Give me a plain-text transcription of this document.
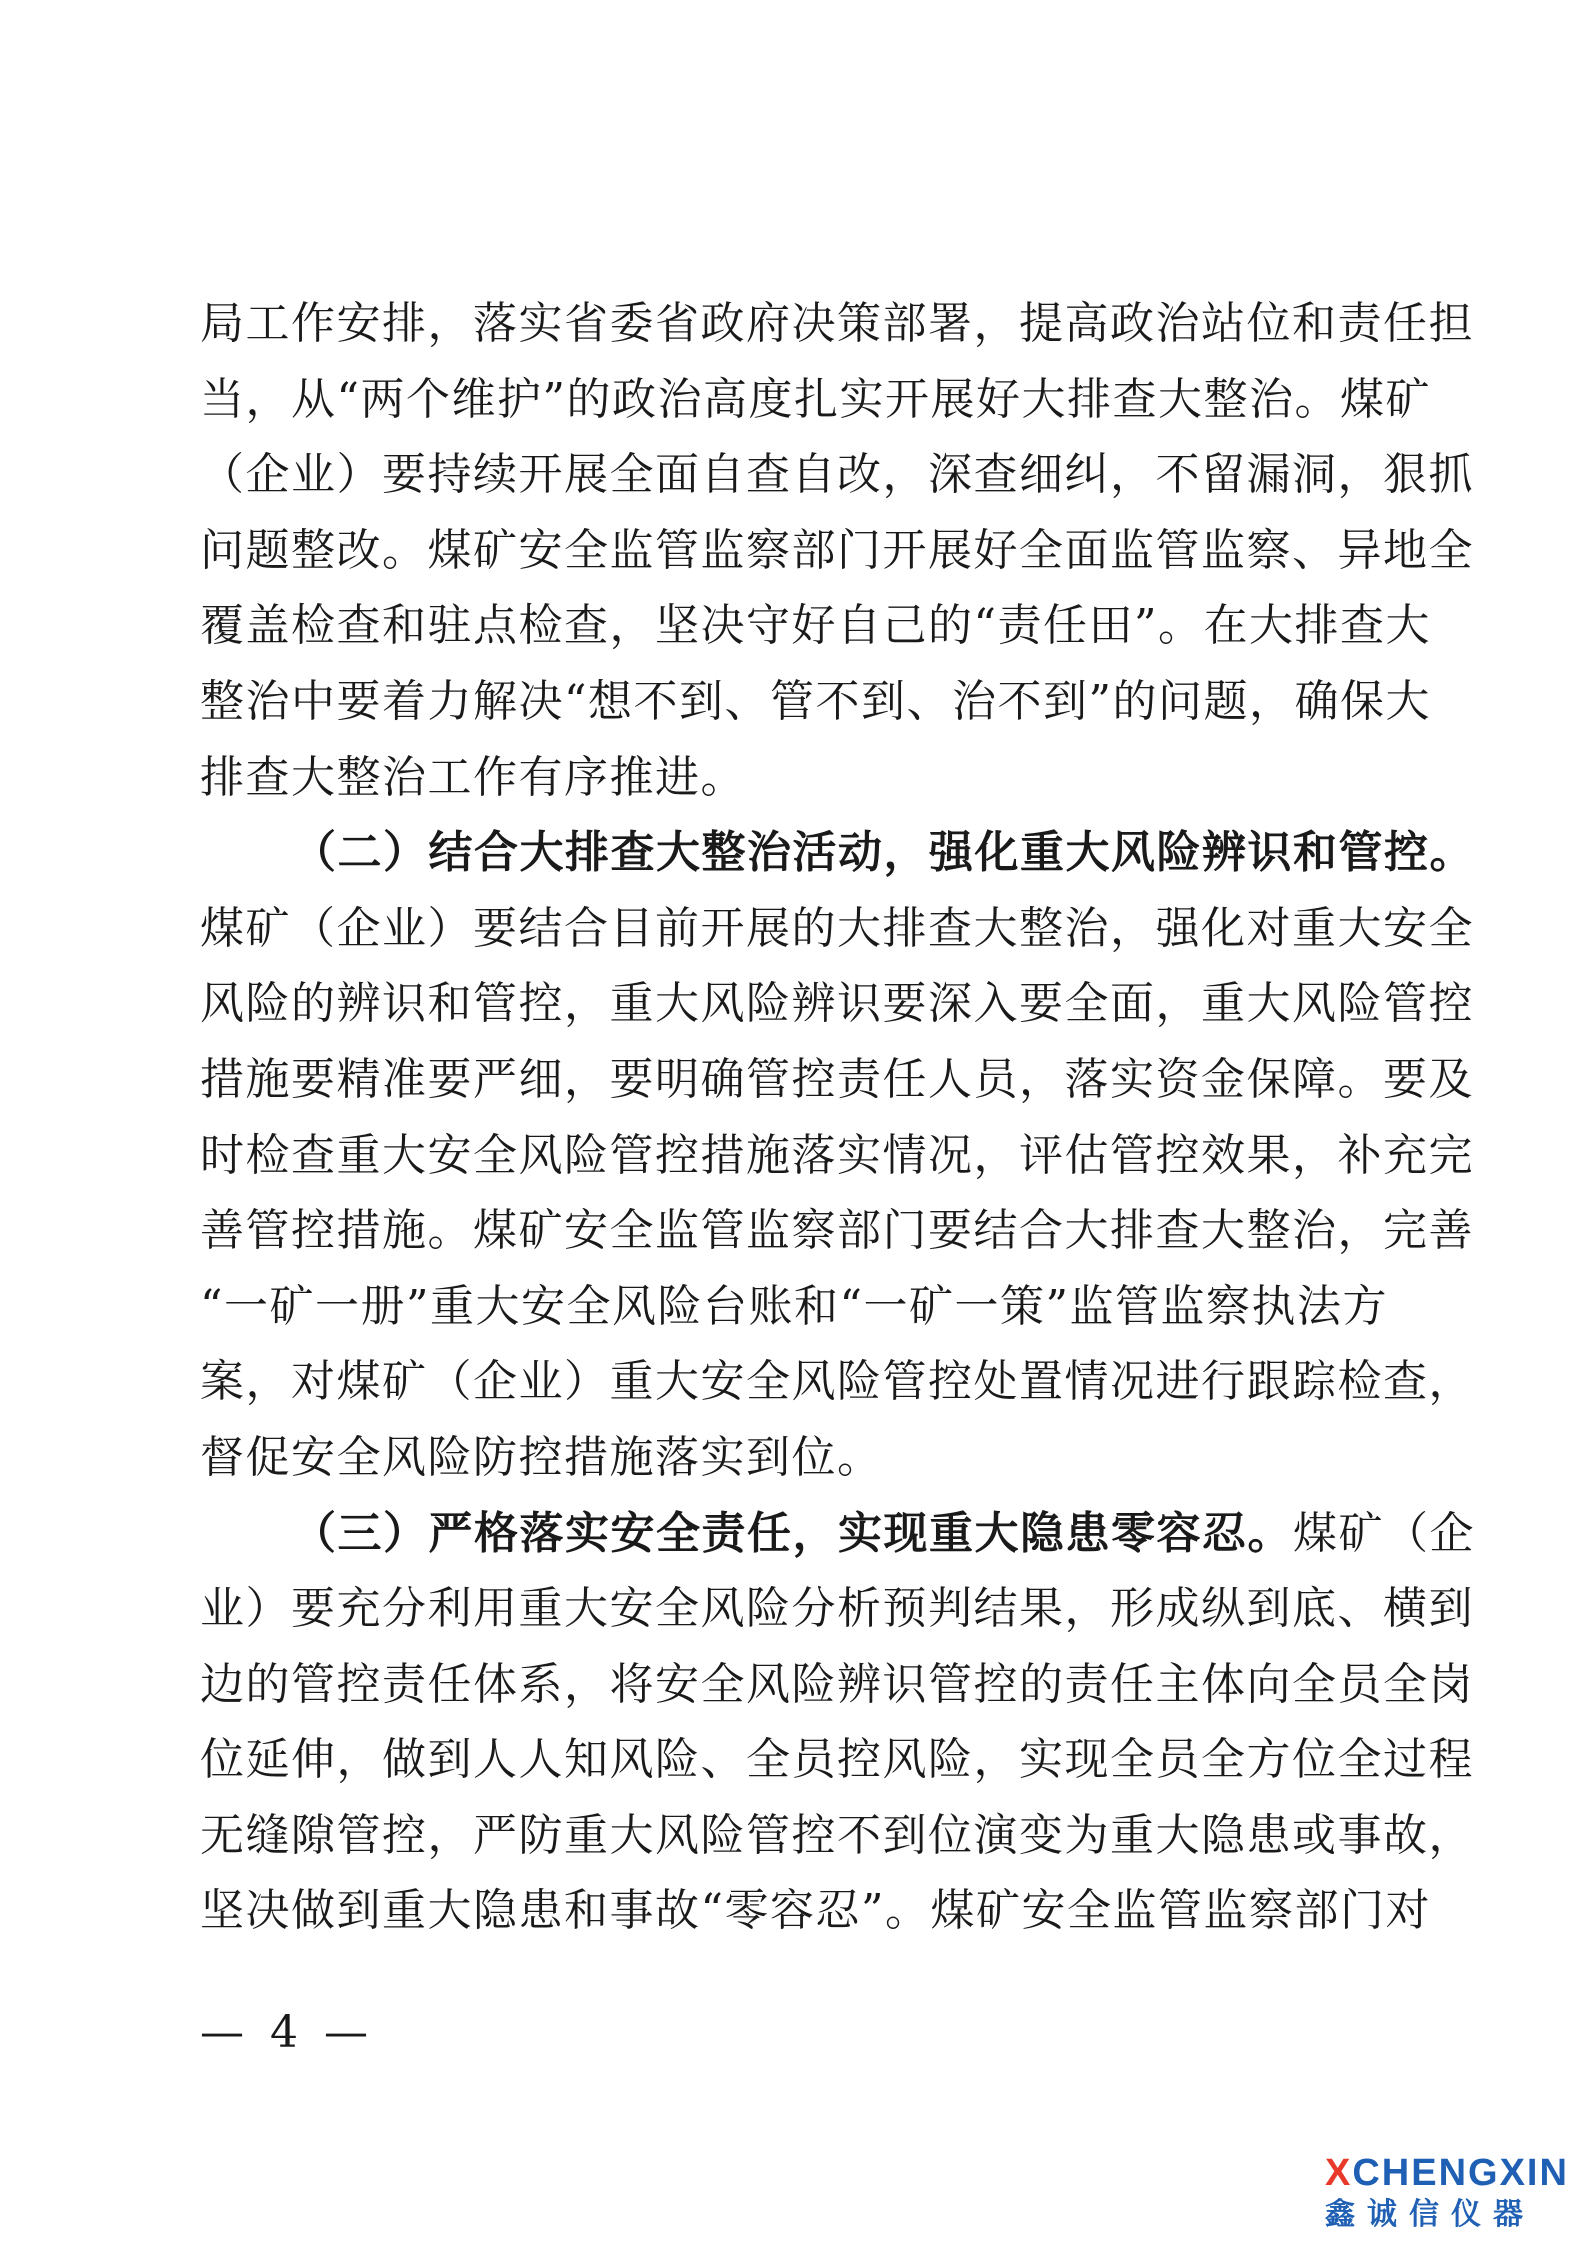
局工作安排，落实省委省政府决策部署，提高政治站位和责任担
当，从“两个维护”的政治高度扎实开展好大排查大整治。煤矿
（企业）要持续开展全面自查自改，深查细纠，不留漏洞，狠抓
问题整改。煤矿安全监管监察部门开展好全面监管监察、异地全
覆盖检查和驻点检查，坚决守好自己的“责任田”。在大排查大
整治中要着力解决“想不到、管不到、治不到”的问题，确保大
排查大整治工作有序推进。
（二）结合大排查大整治活动，强化重大风险辨识和管控。
煤矿（企业）要结合目前开展的大排查大整治，强化对重大安全
风险的辨识和管控，重大风险辨识要深入要全面，重大风险管控
措施要精准要严细，要明确管控责任人员，落实资金保障。要及
时检查重大安全风险管控措施落实情况，评估管控效果，补充完
善管控措施。煤矿安全监管监察部门要结合大排查大整治，完善
“一矿一册”重大安全风险台账和“一矿一策”监管监察执法方
案，对煤矿（企业）重大安全风险管控处置情况进行跟踪检查，
督促安全风险防控措施落实到位。
（三）严格落实安全责任，实现重大隐患零容忍。煤矿（企
业）要充分利用重大安全风险分析预判结果，形成纵到底、横到
边的管控责任体系，将安全风险辨识管控的责任主体向全员全岗
位延伸，做到人人知风险、全员控风险，实现全员全方位全过程
无缝隙管控，严防重大风险管控不到位演变为重大隐患或事故，
坚决做到重大隐患和事故“零容忍”。煤矿安全监管监察部门对
— 4 —
XCHENGXIN
鑫诚信仪器
